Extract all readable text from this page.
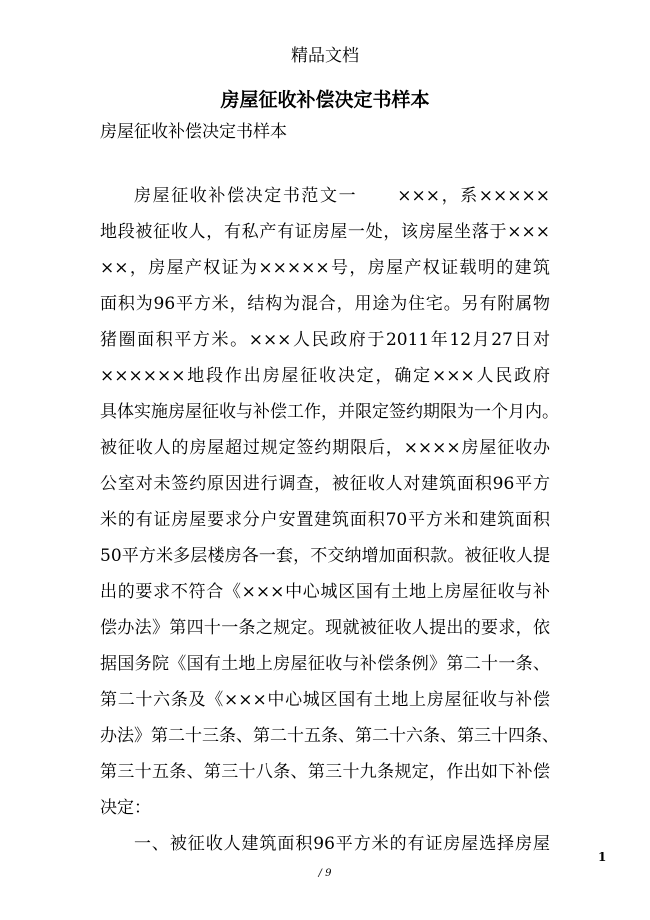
精品文档
房屋征收补偿决定书样本
房屋征收补偿决定书样本
房屋征收补偿决定书范文一 ×××，系×××××
地段被征收人，有私产有证房屋一处，该房屋坐落于×××
××，房屋产权证为×××××号，房屋产权证载明的建筑
面积为96平方米，结构为混合，用途为住宅。另有附属物
猪圈面积平方米。×××人民政府于2011年12月27日对
××××××地段作出房屋征收决定，确定×××人民政府
具体实施房屋征收与补偿工作，并限定签约期限为一个月内。
被征收人的房屋超过规定签约期限后，××××房屋征收办
公室对未签约原因进行调查，被征收人对建筑面积96平方
米的有证房屋要求分户安置建筑面积70平方米和建筑面积
50平方米多层楼房各一套，不交纳增加面积款。被征收人提
出的要求不符合《×××中心城区国有土地上房屋征收与补
偿办法》第四十一条之规定。现就被征收人提出的要求，依
据国务院《国有土地上房屋征收与补偿条例》第二十一条、
第二十六条及《×××中心城区国有土地上房屋征收与补偿
办法》第二十三条、第二十五条、第二十六条、第三十四条、
第三十五条、第三十八条、第三十九条规定，作出如下补偿
决定：
一、被征收人建筑面积96平方米的有证房屋选择房屋
1
/ 9
